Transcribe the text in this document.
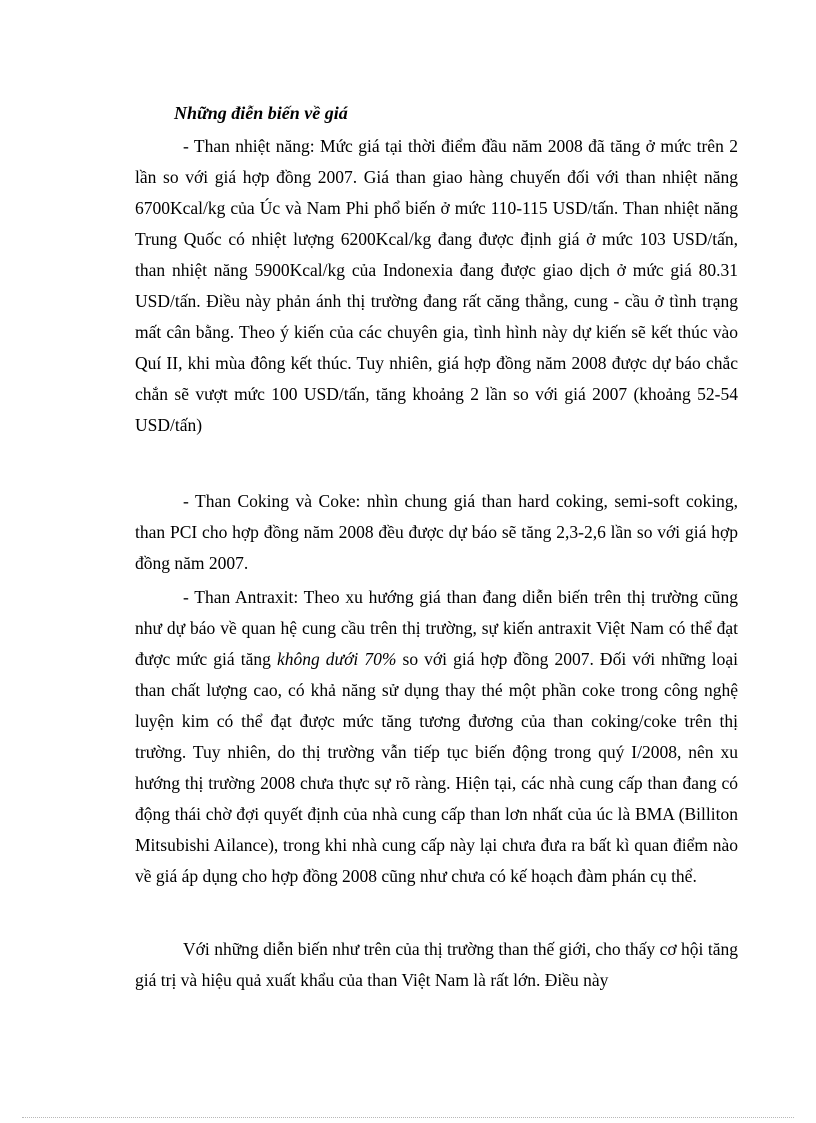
Những điễn biến về giá

- Than nhiệt năng: Mức giá tại thời điểm đầu năm 2008 đã tăng ở mức trên 2 lần so với giá hợp đồng 2007. Giá than giao hàng chuyến đối với than nhiệt năng 6700Kcal/kg của Úc và Nam Phi phổ biến ở mức 110-115 USD/tấn. Than nhiệt năng Trung Quốc có nhiệt lượng 6200Kcal/kg đang được định giá ở mức 103 USD/tấn, than nhiệt năng 5900Kcal/kg của Indonexia đang được giao dịch ở mức giá 80.31 USD/tấn. Điều này phản ánh thị trường đang rất căng thẳng, cung - cầu ở tình trạng mất cân bằng. Theo ý kiến của các chuyên gia, tình hình này dự kiến sẽ kết thúc vào Quí II, khi mùa đông kết thúc. Tuy nhiên, giá hợp đồng năm 2008 được dự báo chắc chắn sẽ vượt mức 100 USD/tấn, tăng khoảng 2 lần so với giá 2007 (khoảng 52-54 USD/tấn)

- Than Coking và Coke: nhìn chung giá than hard coking, semi-soft coking, than PCI cho hợp đồng năm 2008 đều được dự báo sẽ tăng 2,3-2,6 lần so với giá hợp đồng năm 2007.

- Than Antraxit: Theo xu hướng giá than đang diễn biến trên thị trường cũng như dự báo về quan hệ cung cầu trên thị trường, sự kiến antraxit Việt Nam có thể đạt được mức giá tăng không dưới 70% so với giá hợp đồng 2007. Đối với những loại than chất lượng cao, có khả năng sử dụng thay thé một phần coke trong công nghệ luyện kim có thể đạt được mức tăng tương đương của than coking/coke trên thị trường. Tuy nhiên, do thị trường vẫn tiếp tục biến động trong quý I/2008, nên xu hướng thị trường 2008 chưa thực sự rõ ràng. Hiện tại, các nhà cung cấp than đang có động thái chờ đợi quyết định của nhà cung cấp than lơn nhất của úc là BMA (Billiton Mitsubishi Ailance), trong khi nhà cung cấp này lại chưa đưa ra bất kì quan điểm nào về giá áp dụng cho hợp đồng 2008 cũng như chưa có kế hoạch đàm phán cụ thể.

Với những diễn biến như trên của thị trường than thế giới, cho thấy cơ hội tăng giá trị và hiệu quả xuất khẩu của than Việt Nam là rất lớn. Điều này
